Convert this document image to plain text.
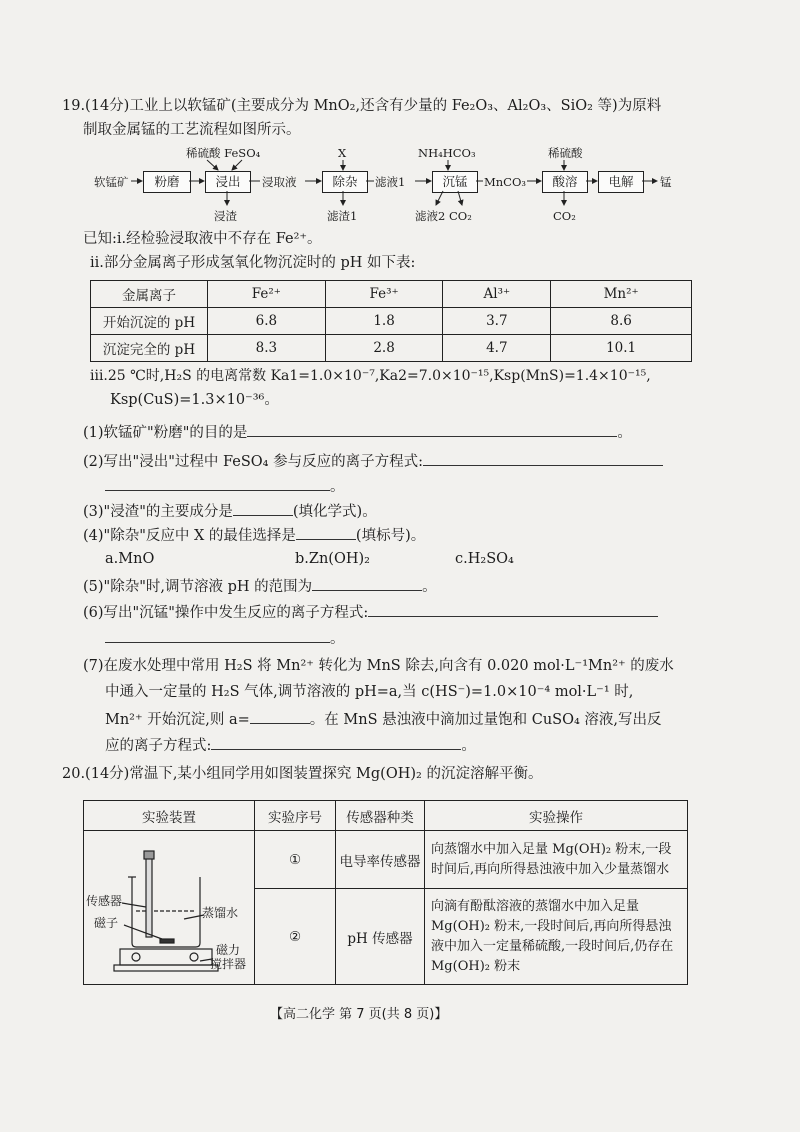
19.(14分)工业上以软锰矿(主要成分为 MnO₂,还含有少量的 Fe₂O₃、Al₂O₃、SiO₂ 等)为原料
制取金属锰的工艺流程如图所示。
软锰矿	粉磨	浸出
稀硫酸 FeSO₄
浸渣
浸取液	除杂
X
滤渣1
滤液1	沉锰
NH₄HCO₃
滤液2 CO₂
MnCO₃	酸溶
稀硫酸
CO₂
电解	锰
已知:ⅰ.经检验浸取液中不存在 Fe²⁺。
ⅱ.部分金属离子形成氢氧化物沉淀时的 pH 如下表:
金属离子	Fe²⁺	Fe³⁺	Al³⁺	Mn²⁺
开始沉淀的 pH	6.8	1.8	3.7	8.6
沉淀完全的 pH	8.3	2.8	4.7	10.1
ⅲ.25 ℃时,H₂S 的电离常数 Ka1=1.0×10⁻⁷,Ka2=7.0×10⁻¹⁵,Ksp(MnS)=1.4×10⁻¹⁵,
Ksp(CuS)=1.3×10⁻³⁶。
(1)软锰矿"粉磨"的目的是	。
(2)写出"浸出"过程中 FeSO₄ 参与反应的离子方程式:
。
(3)"浸渣"的主要成分是	(填化学式)。
(4)"除杂"反应中 X 的最佳选择是	(填标号)。
a.MnO	b.Zn(OH)₂	c.H₂SO₄
(5)"除杂"时,调节溶液 pH 的范围为	。
(6)写出"沉锰"操作中发生反应的离子方程式:
。
(7)在废水处理中常用 H₂S 将 Mn²⁺ 转化为 MnS 除去,向含有 0.020 mol·L⁻¹Mn²⁺ 的废水
中通入一定量的 H₂S 气体,调节溶液的 pH=a,当 c(HS⁻)=1.0×10⁻⁴ mol·L⁻¹ 时,
Mn²⁺ 开始沉淀,则 a=	。在 MnS 悬浊液中滴加过量饱和 CuSO₄ 溶液,写出反
应的离子方程式:	。
20.(14分)常温下,某小组同学用如图装置探究 Mg(OH)₂ 的沉淀溶解平衡。
实验装置	实验序号	传感器种类	实验操作

传感器
蒸馏水
磁子
磁力
搅拌器	①	电导率传感器	向蒸馏水中加入足量 Mg(OH)₂ 粉末,一段时间后,再向所得悬浊液中加入少量蒸馏水
	②	pH 传感器	向滴有酚酞溶液的蒸馏水中加入足量 Mg(OH)₂ 粉末,一段时间后,再向所得悬浊液中加入一定量稀硫酸,一段时间后,仍存在 Mg(OH)₂ 粉末
【高二化学 第 7 页(共 8 页)】
